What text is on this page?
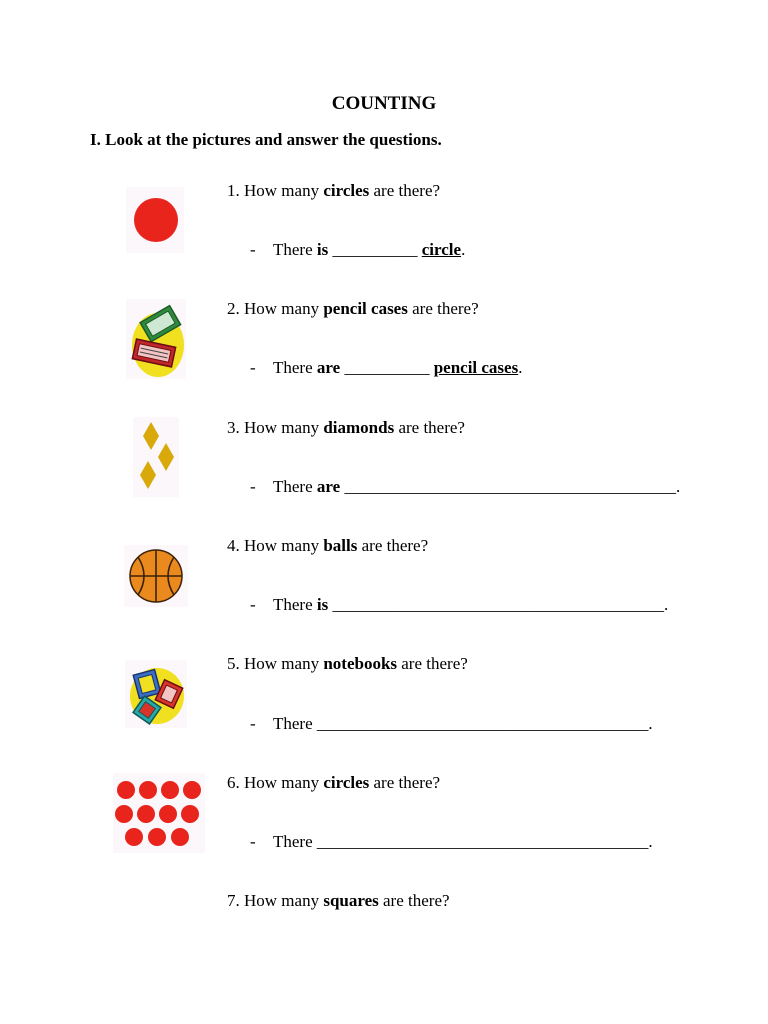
COUNTING
I. Look at the pictures and answer the questions.
1. How many circles are there?
- There is __________ circle.
2. How many pencil cases are there?
- There are __________ pencil cases.
3. How many diamonds are there?
- There are _______________________________________.
4. How many balls are there?
- There is _______________________________________.
5. How many notebooks are there?
- There _______________________________________.
6. How many circles are there?
- There _______________________________________.
7. How many squares are there?
